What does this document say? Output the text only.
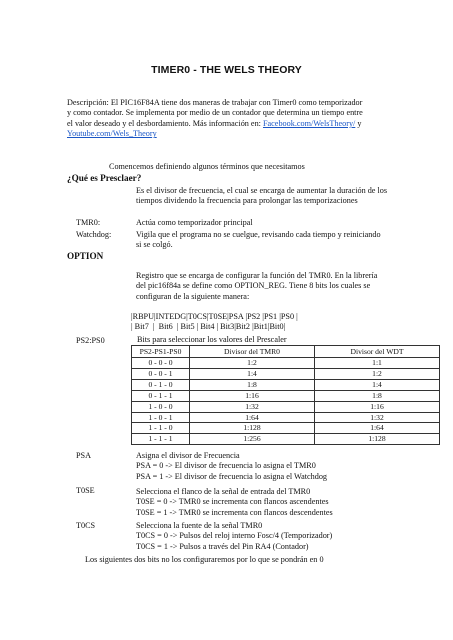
TIMER0 - THE WELS THEORY
Descripción: El PIC16F84A tiene dos maneras de trabajar con Timer0 como temporizador y como contador. Se implementa por medio de un contador que determina un tiempo entre el valor deseado y el desbordamiento. Más información en: Facebook.com/WelsTheory/ y Youtube.com/Wels_Theory
Comencemos definiendo algunos términos que necesitamos
¿Qué es Presclaer?
Es el divisor de frecuencia, el cual se encarga de aumentar la duración de los tiempos dividendo la frecuencia para prolongar las temporizaciones
TMR0:	Actúa como temporizador principal
Watchdog:	Vigila que el programa no se cuelgue, revisando cada tiempo y reiniciando si se colgó.
OPTION
Registro que se encarga de configurar la función del TMR0. En la librería del pic16f84a se define como OPTION_REG. Tiene 8 bits los cuales se configuran de la siguiente manera:
|RBPU|INTEDG|T0CS|T0SE|PSA |PS2 |PS1 |PS0 |
| Bit7  |  Bit6  | Bit5 | Bit4 | Bit3|Bit2 |Bit1|Bit0|
PS2:PS0	Bits para seleccionar los valores del Prescaler
PS2-PS1-PS0	Divisor del TMR0	Divisor del WDT
0 - 0 - 0	1:2	1:1
0 - 0 - 1	1:4	1:2
0 - 1 - 0	1:8	1:4
0 - 1 - 1	1:16	1:8
1 - 0 - 0	1:32	1:16
1 - 0 - 1	1:64	1:32
1 - 1 - 0	1:128	1:64
1 - 1 - 1	1:256	1:128
PSA	Asigna el divisor de Frecuencia
PSA = 0 -> El divisor de frecuencia lo asigna el TMR0
PSA = 1 -> El divisor de frecuencia lo asigna el Watchdog
T0SE	Selecciona el flanco de la señal de entrada del TMR0
T0SE = 0 -> TMR0 se incrementa con flancos ascendentes
T0SE = 1 -> TMR0 se incrementa con flancos descendentes
T0CS	Selecciona la fuente de la señal TMR0
T0CS = 0 -> Pulsos del reloj interno Fosc/4 (Temporizador)
T0CS = 1 -> Pulsos a través del Pin RA4 (Contador)
Los siguientes dos bits no los configuraremos por lo que se pondrán en 0
